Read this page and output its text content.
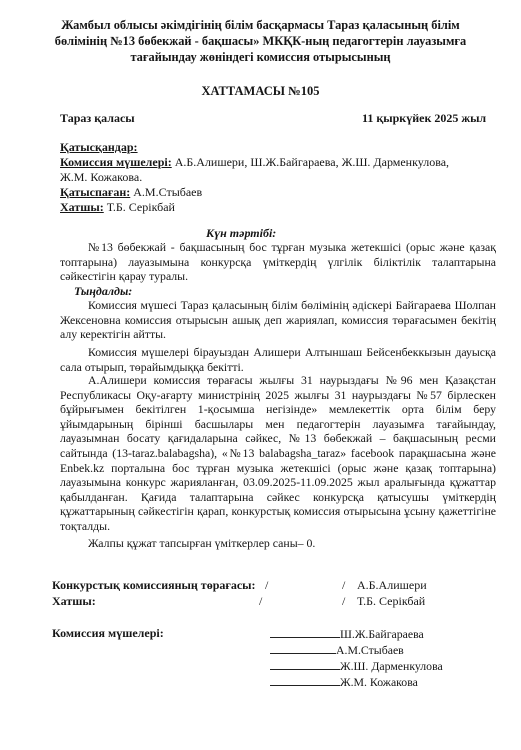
Жамбыл облысы әкімдігінің білім басқармасы Тараз қаласының білім
бөлімінің №13 бөбекжай - бақшасы» МКҚК-ның педагогтерін лауазымға
тағайындау жөніндегі комиссия отырысының
ХАТТАМАСЫ №105
Тараз қаласы	11 қыркүйек 2025 жыл
Қатысқандар:
Комиссия мүшелері: А.Б.Алишери, Ш.Ж.Байгараева, Ж.Ш. Дарменкулова,
Ж.М. Кожакова.
Қатыспаған: А.М.Стыбаев
Хатшы: Т.Б. Серікбай
Күн тәртібі:
№13 бөбекжай - бақшасының бос тұрған музыка жетекшісі (орыс және қазақ топтарына) лауазымына конкурсқа үміткердің үлгілік біліктілік талаптарына сәйкестігін қарау туралы.
Тыңдалды:
Комиссия мүшесі Тараз қаласының білім бөлімінің әдіскері Байгараева Шолпан Жексеновна комиссия отырысын ашық деп жариялап, комиссия төрағасымен бекітің алу керектігін айтты.
Комиссия мүшелері бірауыздан Алишери Алтыншаш Бейсенбеккызын дауысқа сала отырып, төрайымдыққа бекітті.
А.Алишери комиссия төрағасы жылғы 31 наурыздағы №96 мен Қазақстан Республикасы Оқу-ағарту министрінің 2025 жылғы 31 наурыздағы №57 бірлескен бұйрығымен бекітілген 1-қосымша негізінде» мемлекеттік орта білім беру ұйымдарының бірінші басшылары мен педагогтерін лауазымға тағайындау, лауазымнан босату қағидаларына сәйкес, №13 бөбекжай – бақшасының ресми сайтында (13-taraz.balabagsha), «№13 balabagsha_taraz» facebook парақшасына және Enbek.kz порталына бос тұрған музыка жетекшісі (орыс және қазақ топтарына) лауазымына конкурс жарияланған, 03.09.2025-11.09.2025 жыл аралығында құжаттар қабылданған. Қағида талаптарына сәйкес конкурсқа қатысушы үміткердің құжаттарының сәйкестігін қарап, конкурстық комиссия отырысына ұсыну қажеттігіне тоқталды.
Жалпы құжат тапсырған үміткерлер саны– 0.
Конкурстық комиссияның төрағасы: /	/ А.Б.Алишери
Хатшы:	/	/ Т.Б. Серікбай
Комиссия мүшелері:	Ш.Ж.Байгараева
А.М.Стыбаев
Ж.Ш. Дарменкулова
Ж.М. Кожакова
